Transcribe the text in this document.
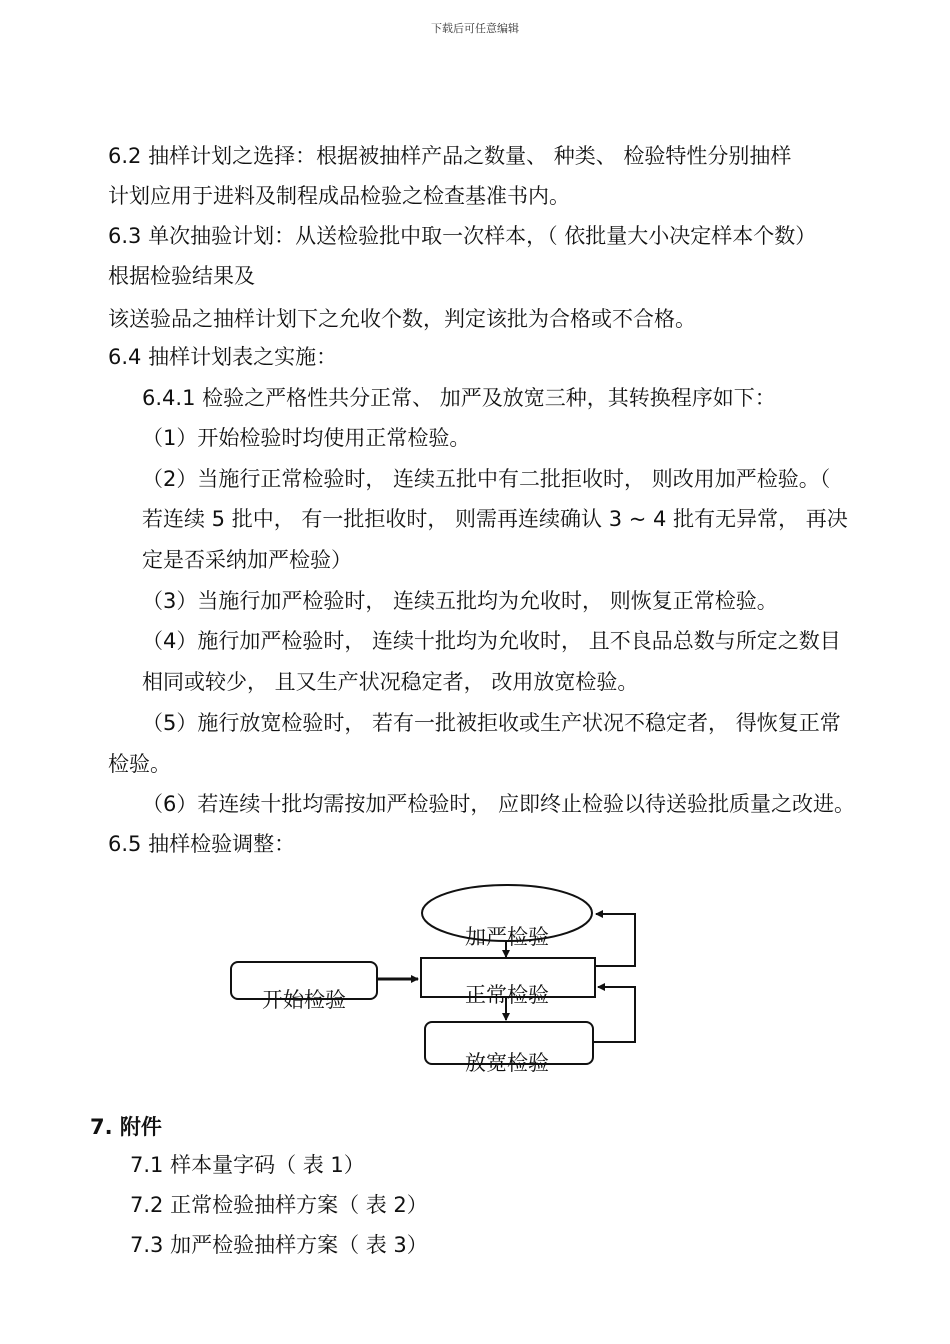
下载后可任意编辑
6.2 抽样计划之选择：根据被抽样产品之数量、 种类、 检验特性分别抽样
计划应用于进料及制程成品检验之检查基准书内。
6.3 单次抽验计划：从送检验批中取一次样本，（ 依批量大小决定样本个数）
根据检验结果及
该送验品之抽样计划下之允收个数，判定该批为合格或不合格。
6.4 抽样计划表之实施：
6.4.1 检验之严格性共分正常、 加严及放宽三种，其转换程序如下：
（1）开始检验时均使用正常检验。
（2）当施行正常检验时， 连续五批中有二批拒收时， 则改用加严检验。（
若连续 5 批中， 有一批拒收时， 则需再连续确认 3 ~ 4 批有无异常， 再决
定是否采纳加严检验）
（3）当施行加严检验时， 连续五批均为允收时， 则恢复正常检验。
（4）施行加严检验时， 连续十批均为允收时， 且不良品总数与所定之数目
相同或较少， 且又生产状况稳定者， 改用放宽检验。
（5）施行放宽检验时， 若有一批被拒收或生产状况不稳定者， 得恢复正常
检验。
（6）若连续十批均需按加严检验时， 应即终止检验以待送验批质量之改进。
6.5 抽样检验调整：
加严检验
正常检验
开始检验
放宽检验
7. 附件
7.1 样本量字码（ 表 1）
7.2 正常检验抽样方案（ 表 2）
7.3 加严检验抽样方案（ 表 3）
